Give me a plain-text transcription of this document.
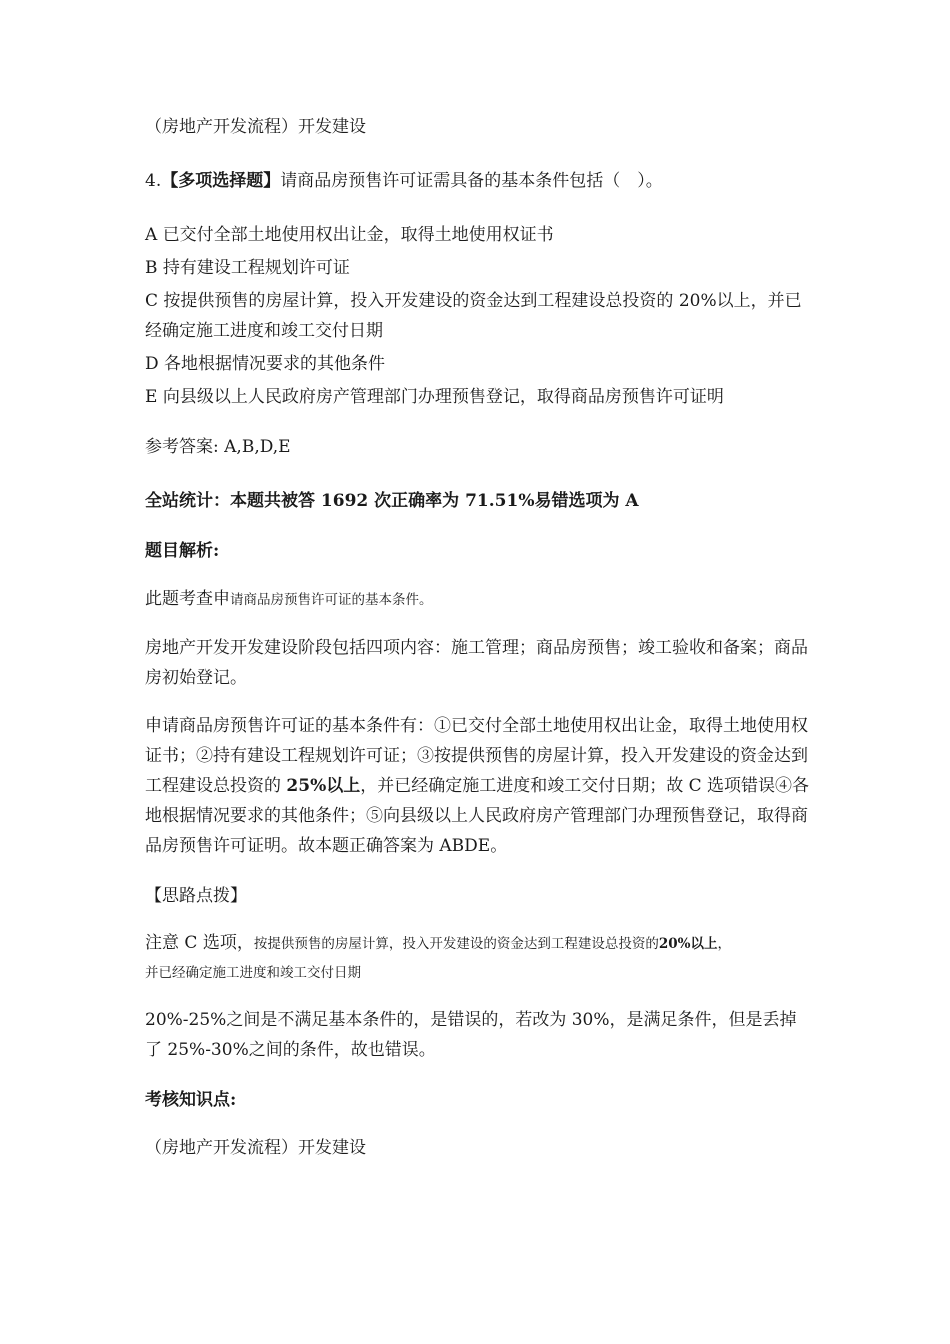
（房地产开发流程）开发建设

4.【多项选择题】请商品房预售许可证需具备的基本条件包括（　）。

A 已交付全部土地使用权出让金，取得土地使用权证书

B 持有建设工程规划许可证

C 按提供预售的房屋计算，投入开发建设的资金达到工程建设总投资的 20%以上，并已经确定施工进度和竣工交付日期

D 各地根据情况要求的其他条件

E 向县级以上人民政府房产管理部门办理预售登记，取得商品房预售许可证明

参考答案: A,B,D,E

全站统计：本题共被答 1692 次正确率为 71.51%易错选项为 A

题目解析:

此题考查申请商品房预售许可证的基本条件。

房地产开发开发建设阶段包括四项内容：施工管理；商品房预售；竣工验收和备案；商品房初始登记。

申请商品房预售许可证的基本条件有：①已交付全部土地使用权出让金，取得土地使用权证书；②持有建设工程规划许可证；③按提供预售的房屋计算，投入开发建设的资金达到工程建设总投资的 25%以上，并已经确定施工进度和竣工交付日期；故 C 选项错误④各地根据情况要求的其他条件；⑤向县级以上人民政府房产管理部门办理预售登记，取得商品房预售许可证明。故本题正确答案为 ABDE。

【思路点拨】

注意 C 选项，按提供预售的房屋计算，投入开发建设的资金达到工程建设总投资的20%以上，
并已经确定施工进度和竣工交付日期

20%-25%之间是不满足基本条件的，是错误的，若改为 30%，是满足条件，但是丢掉了 25%-30%之间的条件，故也错误。

考核知识点:

（房地产开发流程）开发建设
